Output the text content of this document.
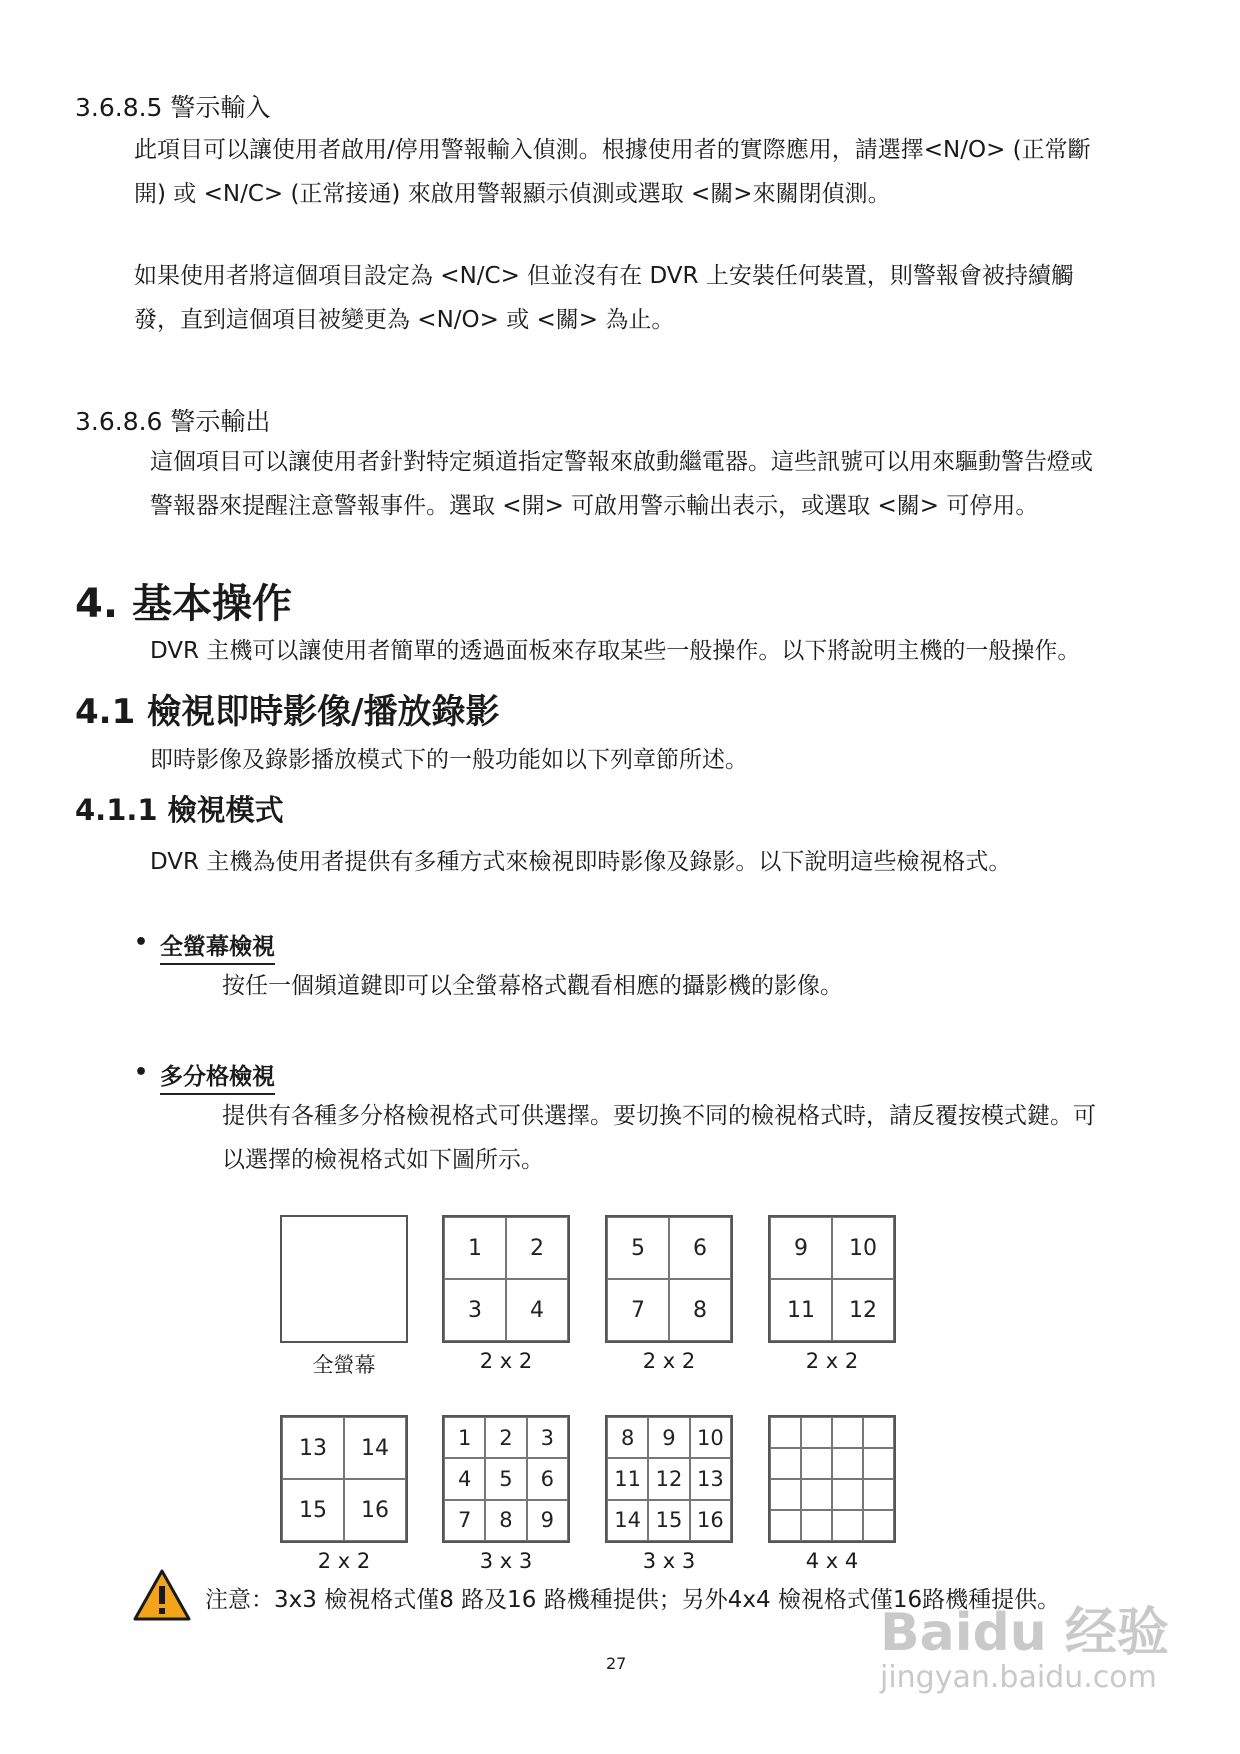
3.6.8.5 警示輸入
此項目可以讓使用者啟用/停用警報輸入偵測。根據使用者的實際應用，請選擇<N/O> (正常斷
開) 或 <N/C> (正常接通) 來啟用警報顯示偵測或選取 <關>來關閉偵測。
如果使用者將這個項目設定為 <N/C> 但並沒有在 DVR 上安裝任何裝置，則警報會被持續觸
發，直到這個項目被變更為 <N/O> 或 <關> 為止。
3.6.8.6 警示輸出
這個項目可以讓使用者針對特定頻道指定警報來啟動繼電器。這些訊號可以用來驅動警告燈或
警報器來提醒注意警報事件。選取 <開> 可啟用警示輸出表示，或選取 <關> 可停用。
4. 基本操作
DVR 主機可以讓使用者簡單的透過面板來存取某些一般操作。以下將說明主機的一般操作。
4.1 檢視即時影像/播放錄影
即時影像及錄影播放模式下的一般功能如以下列章節所述。
4.1.1 檢視模式
DVR 主機為使用者提供有多種方式來檢視即時影像及錄影。以下說明這些檢視格式。
• 全螢幕檢視
按任一個頻道鍵即可以全螢幕格式觀看相應的攝影機的影像。
• 多分格檢視
提供有各種多分格檢視格式可供選擇。要切換不同的檢視格式時，請反覆按模式鍵。可
以選擇的檢視格式如下圖所示。
全螢幕
1	2
3	4
2 x 2
5	6
7	8
2 x 2
9	10
11	12
2 x 2
13	14
15	16
2 x 2
1	2	3
4	5	6
7	8	9
3 x 3
8	9	10
11 12 13
14 15 16
3 x 3	4 x 4
注意：3x3 檢視格式僅8 路及16 路機種提供；另外4x4 檢視格式僅16路機種提供。
27
Baidu 经验
jingyan.baidu.com
